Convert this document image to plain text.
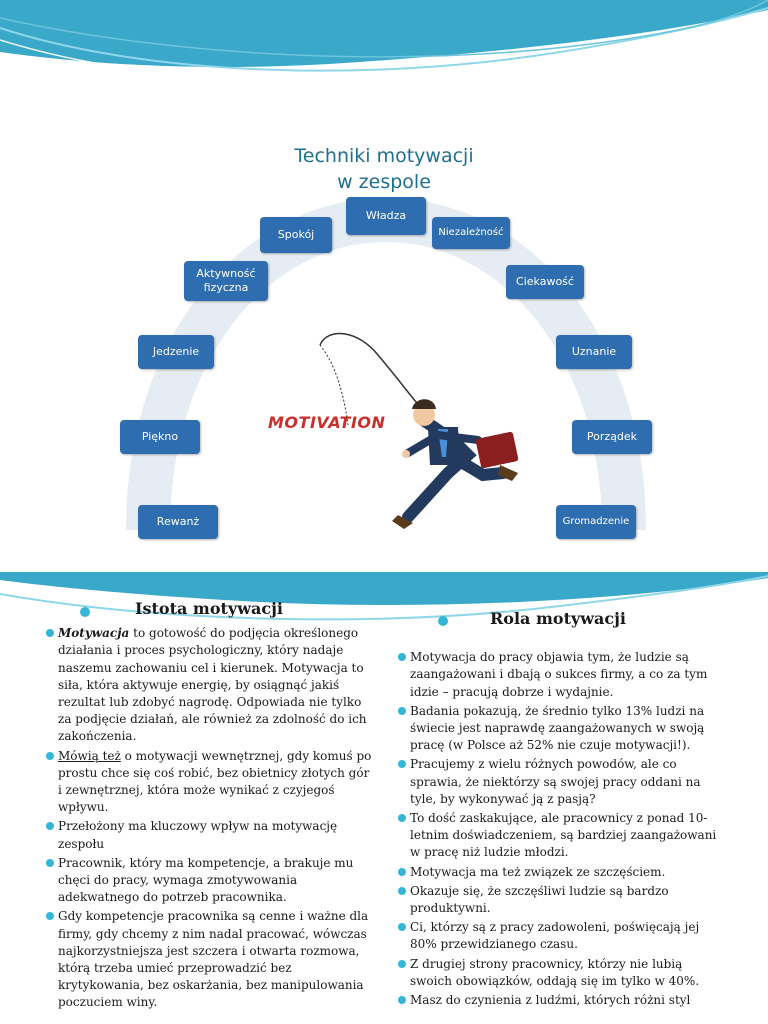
Techniki motywacji
w zespole
Władza
Niezależność
Spokój
Aktywność fizyczna	Ciekawość
Jedzenie	Uznanie
Piękno	Porządek
Rewanż	Gromadzenie
MOTIVATION
Istota motywacji
Motywacja to gotowość do podjęcia określonego działania i proces psychologiczny, który nadaje naszemu zachowaniu cel i kierunek. Motywacja to siła, która aktywuje energię, by osiągnąć jakiś rezultat lub zdobyć nagrodę. Odpowiada nie tylko za podjęcie działań, ale również za zdolność do ich zakończenia.
Mówią też o motywacji wewnętrznej, gdy komuś po prostu chce się coś robić, bez obietnicy złotych gór i zewnętrznej, która może wynikać z czyjegoś wpływu.
Przełożony ma kluczowy wpływ na motywację zespołu
Pracownik, który ma kompetencje, a brakuje mu chęci do pracy, wymaga zmotywowania adekwatnego do potrzeb pracownika.
Gdy kompetencje pracownika są cenne i ważne dla firmy, gdy chcemy z nim nadal pracować, wówczas najkorzystniejsza jest szczera i otwarta rozmowa, którą trzeba umieć przeprowadzić bez krytykowania, bez oskarżania, bez manipulowania poczuciem winy.
Rola motywacji
Motywacja do pracy objawia tym, że ludzie są zaangażowani i dbają o sukces firmy, a co za tym idzie – pracują dobrze i wydajnie.
Badania pokazują, że średnio tylko 13% ludzi na świecie jest naprawdę zaangażowanych w swoją pracę (w Polsce aż 52% nie czuje motywacji!).
Pracujemy z wielu różnych powodów, ale co sprawia, że niektórzy są swojej pracy oddani na tyle, by wykonywać ją z pasją?
To dość zaskakujące, ale pracownicy z ponad 10-letnim doświadczeniem, są bardziej zaangażowani w pracę niż ludzie młodzi.
Motywacja ma też związek ze szczęściem.
Okazuje się, że szczęśliwi ludzie są bardzo produktywni.
Ci, którzy są z pracy zadowoleni, poświęcają jej 80% przewidzianego czasu.
Z drugiej strony pracownicy, którzy nie lubią swoich obowiązków, oddają się im tylko w 40%.
Masz do czynienia z ludźmi, których różni styl
